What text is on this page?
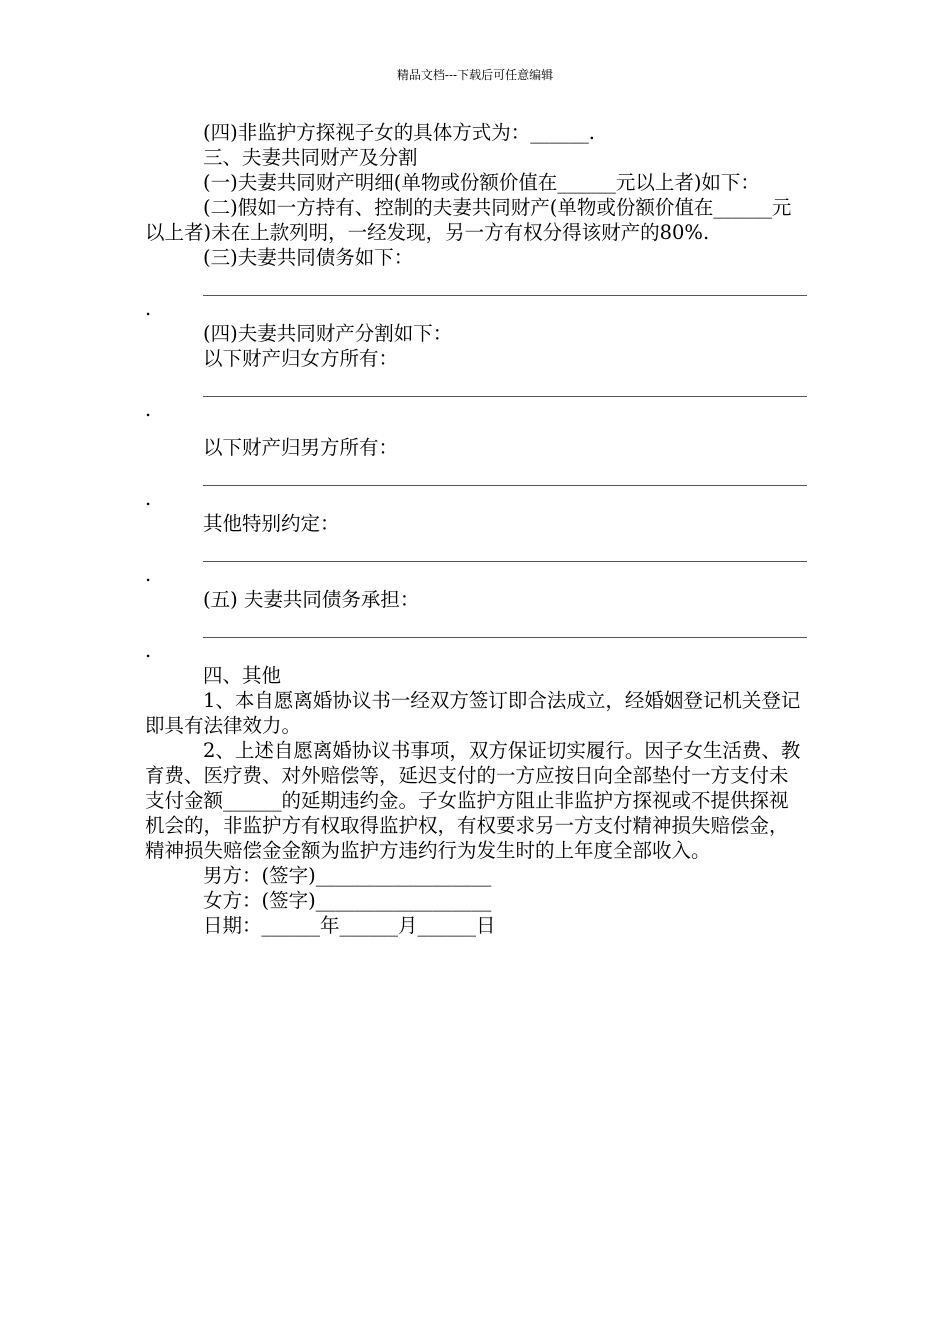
精品文档---下载后可任意编辑

(四)非监护方探视子女的具体方式为：______.

三、夫妻共同财产及分割

(一)夫妻共同财产明细(单物或份额价值在______元以上者)如下：

(二)假如一方持有、控制的夫妻共同财产(单物或份额价值在______元以上者)未在上款列明，一经发现，另一方有权分得该财产的80%.

(三)夫妻共同债务如下：

.

(四)夫妻共同财产分割如下：

以下财产归女方所有：

.

以下财产归男方所有：

.

其他特别约定：

.

(五) 夫妻共同债务承担：

.

四、其他

1、本自愿离婚协议书一经双方签订即合法成立，经婚姻登记机关登记即具有法律效力。

2、上述自愿离婚协议书事项，双方保证切实履行。因子女生活费、教育费、医疗费、对外赔偿等，延迟支付的一方应按日向全部垫付一方支付未支付金额______的延期违约金。子女监护方阻止非监护方探视或不提供探视机会的，非监护方有权取得监护权，有权要求另一方支付精神损失赔偿金，精神损失赔偿金金额为监护方违约行为发生时的上年度全部收入。

男方：(签字)__________________

女方：(签字)__________________

日期：______年______月______日
